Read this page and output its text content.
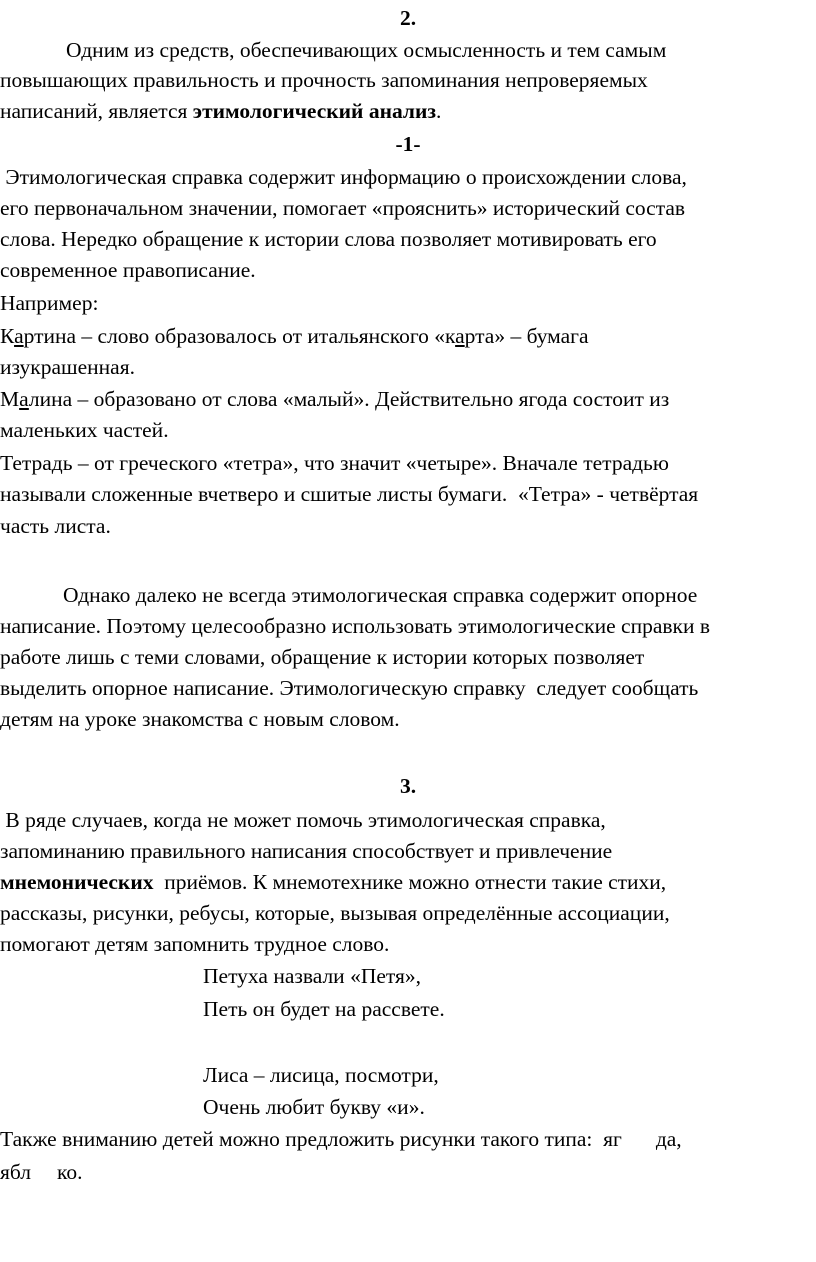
2.
Одним из средств, обеспечивающих осмысленность и тем самым
повышающих правильность и прочность запоминания непроверяемых
написаний, является этимологический анализ.
-1-
Этимологическая справка содержит информацию о происхождении слова,
его первоначальном значении, помогает «прояснить» исторический состав
слова. Нередко обращение к истории слова позволяет мотивировать его
современное правописание.
Например:
Картина – слово образовалось от итальянского «карта» – бумага
изукрашенная.
Малина – образовано от слова «малый». Действительно ягода состоит из
маленьких частей.
Тетрадь – от греческого «тетра», что значит «четыре». Вначале тетрадью
называли сложенные вчетверо и сшитые листы бумаги.  «Тетра» - четвёртая
часть листа.
Однако далеко не всегда этимологическая справка содержит опорное
написание. Поэтому целесообразно использовать этимологические справки в
работе лишь с теми словами, обращение к истории которых позволяет
выделить опорное написание. Этимологическую справку  следует сообщать
детям на уроке знакомства с новым словом.
3.
В ряде случаев, когда не может помочь этимологическая справка,
запоминанию правильного написания способствует и привлечение
мнемонических  приёмов. К мнемотехнике можно отнести такие стихи,
рассказы, рисунки, ребусы, которые, вызывая определённые ассоциации,
помогают детям запомнить трудное слово.
Петуха назвали «Петя»,
Петь он будет на рассвете.
Лиса – лисица, посмотри,
Очень любит букву «и».
Также вниманию детей можно предложить рисунки такого типа:  яг да,
ябл ко.
